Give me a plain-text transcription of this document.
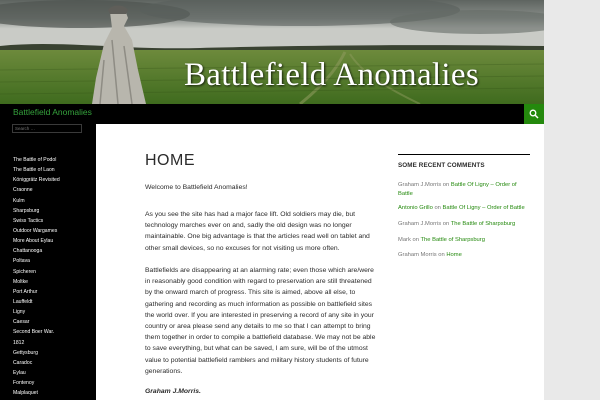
Battlefield Anomalies
Battlefield Anomalies
Search …
The Battle of Podol
The Battle of Laon
Königgrätz Revisited
Craonne
Kulm
Sharpsburg
Swiss Tactics
Outdoor Wargames
More About Eylau
Chattanooga
Poltava
Spicheren
Moltke
Port Arthur
Lauffeldt
Ligny
Caesar
Second Boer War.
1812
Gettysburg
Caradoc
Eylau
Fontenoy
Malplaquet
HOME

Welcome to Battlefield Anomalies!

As you see the site has had a major face lift. Old soldiers may die, but technology marches ever on and, sadly the old design was no longer maintainable. One big advantage is that the articles read well on tablet and other small devices, so no excuses for not visiting us more often.

Battlefields are disappearing at an alarming rate; even those which are/were in reasonably good condition with regard to preservation are still threatened by the onward march of progress. This site is aimed, above all else, to gathering and recording as much information as possible on battlefield sites the world over. If you are interested in preserving a record of any site in your country or area please send any details to me so that I can attempt to bring them together in order to compile a battlefield database. We may not be able to save everything, but what can be saved, I am sure, will be of the utmost value to potential battlefield ramblers and military history students of future generations.

Graham J.Morris.
SOME RECENT COMMENTS
Graham J.Morris on Battle Of Ligny – Order of Battle
Antonio Grillo on Battle Of Ligny – Order of Battle
Graham J.Morris on The Battle of Sharpsburg
Mark on The Battle of Sharpsburg
Graham Morris on Home
